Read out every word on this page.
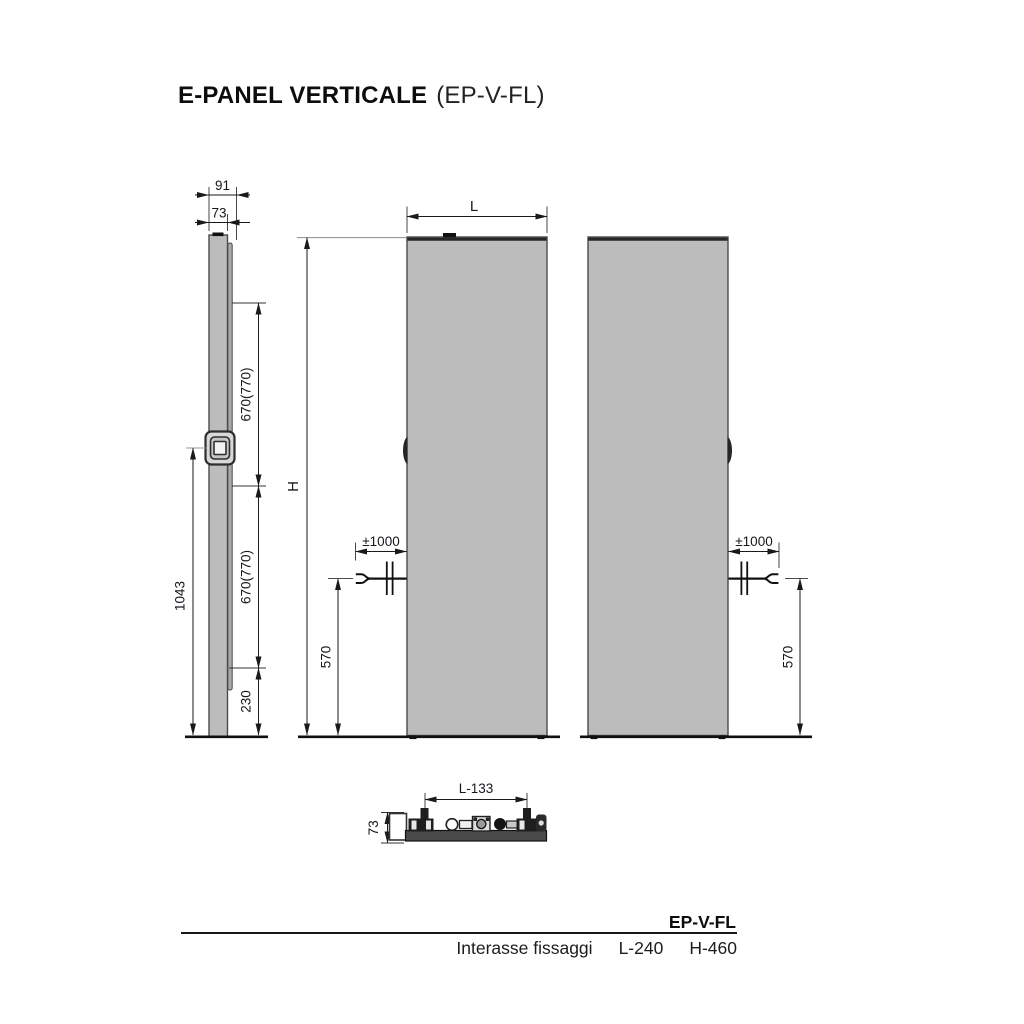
E-PANEL VERTICALE (EP-V-FL)
91
73
670(770)
670(770)
230
1043
L
H
±1000
570
±1000
570
L-133
73
EP-V-FL
Interasse fissaggi L-240 H-460
